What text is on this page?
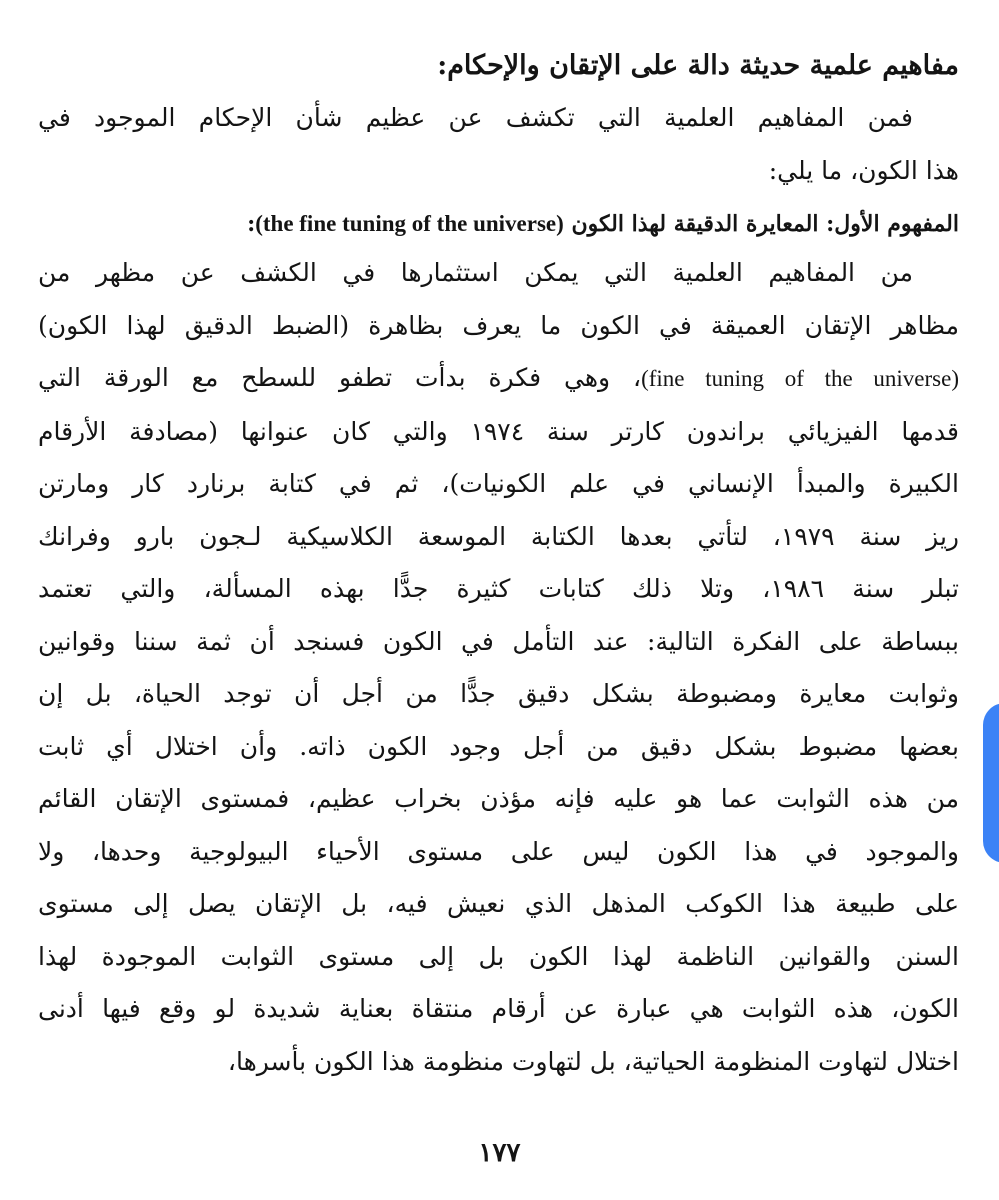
مفاهيم علمية حديثة دالة على الإتقان والإحكام:
فمن المفاهيم العلمية التي تكشف عن عظيم شأن الإحكام الموجود في
هذا الكون، ما يلي:
المفهوم الأول: المعايرة الدقيقة لهذا الكون (the fine tuning of the universe):
من المفاهيم العلمية التي يمكن استثمارها في الكشف عن مظهر من
مظاهر الإتقان العميقة في الكون ما يعرف بظاهرة (الضبط الدقيق لهذا الكون)
(fine tuning of the universe)، وهي فكرة بدأت تطفو للسطح مع الورقة التي
قدمها الفيزيائي براندون كارتر سنة ١٩٧٤ والتي كان عنوانها (مصادفة الأرقام
الكبيرة والمبدأ الإنساني في علم الكونيات)، ثم في كتابة برنارد كار ومارتن
ريز سنة ١٩٧٩، لتأتي بعدها الكتابة الموسعة الكلاسيكية لـجون بارو وفرانك
تبلر سنة ١٩٨٦، وتلا ذلك كتابات كثيرة جدًّا بهذه المسألة، والتي تعتمد
ببساطة على الفكرة التالية: عند التأمل في الكون فسنجد أن ثمة سننا وقوانين
وثوابت معايرة ومضبوطة بشكل دقيق جدًّا من أجل أن توجد الحياة، بل إن
بعضها مضبوط بشكل دقيق من أجل وجود الكون ذاته. وأن اختلال أي ثابت
من هذه الثوابت عما هو عليه فإنه مؤذن بخراب عظيم، فمستوى الإتقان القائم
والموجود في هذا الكون ليس على مستوى الأحياء البيولوجية وحدها، ولا
على طبيعة هذا الكوكب المذهل الذي نعيش فيه، بل الإتقان يصل إلى مستوى
السنن والقوانين الناظمة لهذا الكون بل إلى مستوى الثوابت الموجودة لهذا
الكون، هذه الثوابت هي عبارة عن أرقام منتقاة بعناية شديدة لو وقع فيها أدنى
اختلال لتهاوت المنظومة الحياتية، بل لتهاوت منظومة هذا الكون بأسرها،
١٧٧
